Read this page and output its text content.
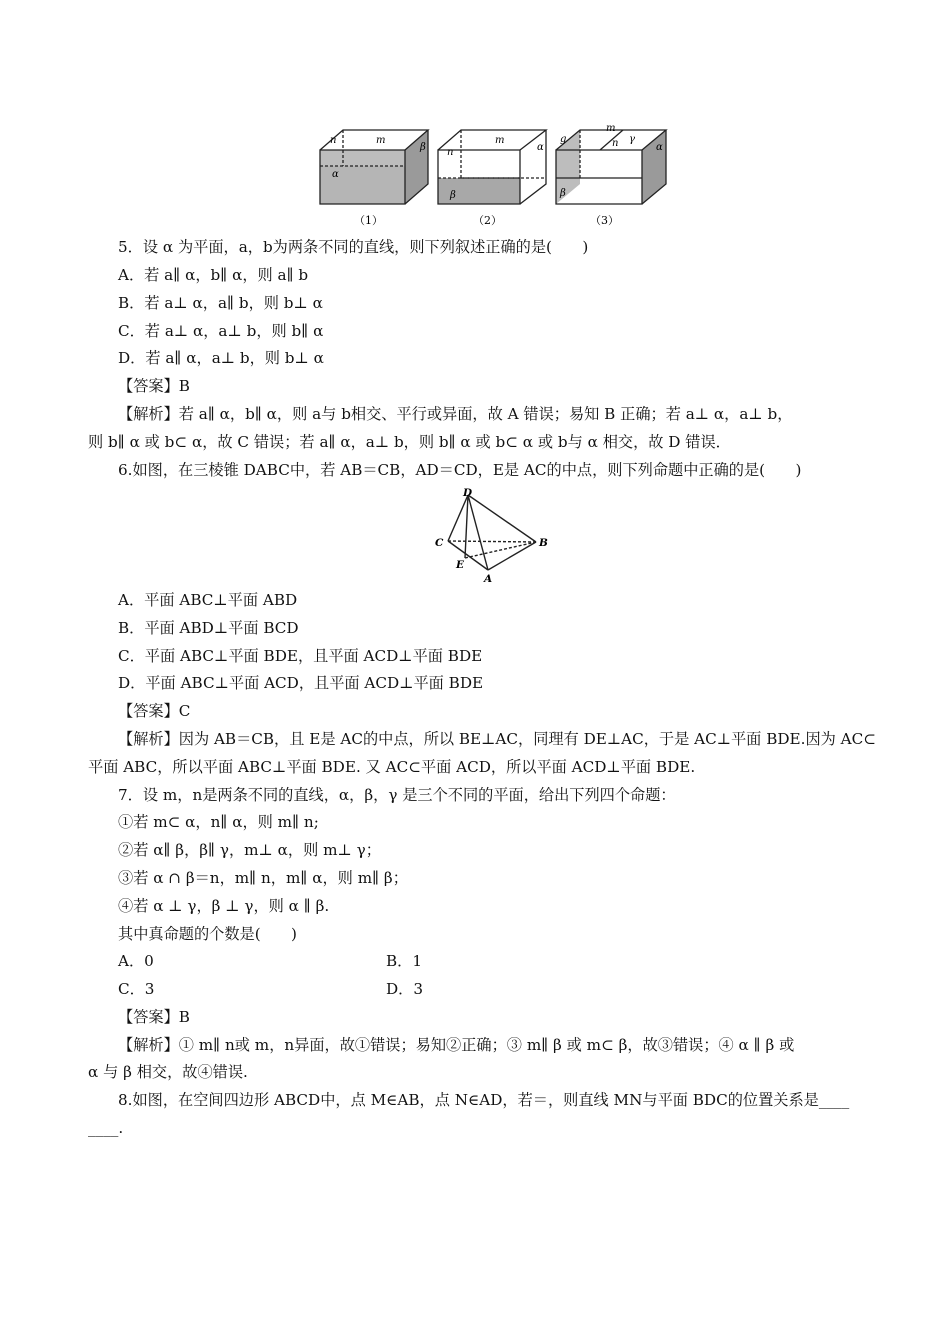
n	m
β
α
（1）
n
m
α
β
（2）
g
m
n γ
α
β
（3）
5．设 α 为平面，a，b为两条不同的直线，则下列叙述正确的是(　　)
A．若 a∥ α，b∥ α，则 a∥ b
B．若 a⊥ α，a∥ b，则 b⊥ α
C．若 a⊥ α，a⊥ b，则 b∥ α
D．若 a∥ α，a⊥ b，则 b⊥ α
【答案】B
【解析】若 a∥ α，b∥ α，则 a与 b相交、平行或异面，故 A 错误；易知 B 正确；若 a⊥ α，a⊥ b，
则 b∥ α 或 b⊂ α，故 C 错误；若 a∥ α，a⊥ b，则 b∥ α 或 b⊂ α 或 b与 α 相交，故 D 错误．
6.如图，在三棱锥 DABC中，若 AB＝CB，AD＝CD，E是 AC的中点，则下列命题中正确的是(　　)
D
C	B
E
A
A．平面 ABC⊥平面 ABD
B．平面 ABD⊥平面 BCD
C．平面 ABC⊥平面 BDE，且平面 ACD⊥平面 BDE
D．平面 ABC⊥平面 ACD，且平面 ACD⊥平面 BDE
【答案】C
【解析】因为 AB＝CB，且 E是 AC的中点，所以 BE⊥AC，同理有 DE⊥AC，于是 AC⊥平面 BDE.因为 AC⊂
平面 ABC，所以平面 ABC⊥平面 BDE. 又 AC⊂平面 ACD，所以平面 ACD⊥平面 BDE.
7．设 m，n是两条不同的直线，α，β，γ 是三个不同的平面，给出下列四个命题：
①若 m⊂ α，n∥ α，则 m∥ n;
②若 α∥ β，β∥ γ，m⊥ α，则 m⊥ γ；
③若 α ∩ β＝n，m∥ n，m∥ α，则 m∥ β；
④若 α ⊥ γ，β ⊥ γ，则 α ∥ β.
其中真命题的个数是(　　)
A．0	B．1
C．3	D．3
【答案】B
【解析】① m∥ n或 m，n异面，故①错误；易知②正确；③ m∥ β 或 m⊂ β，故③错误；④ α ∥ β 或
α 与 β 相交，故④错误.
8.如图，在空间四边形 ABCD中，点 M∈AB，点 N∈AD，若＝，则直线 MN与平面 BDC的位置关系是____
____.
